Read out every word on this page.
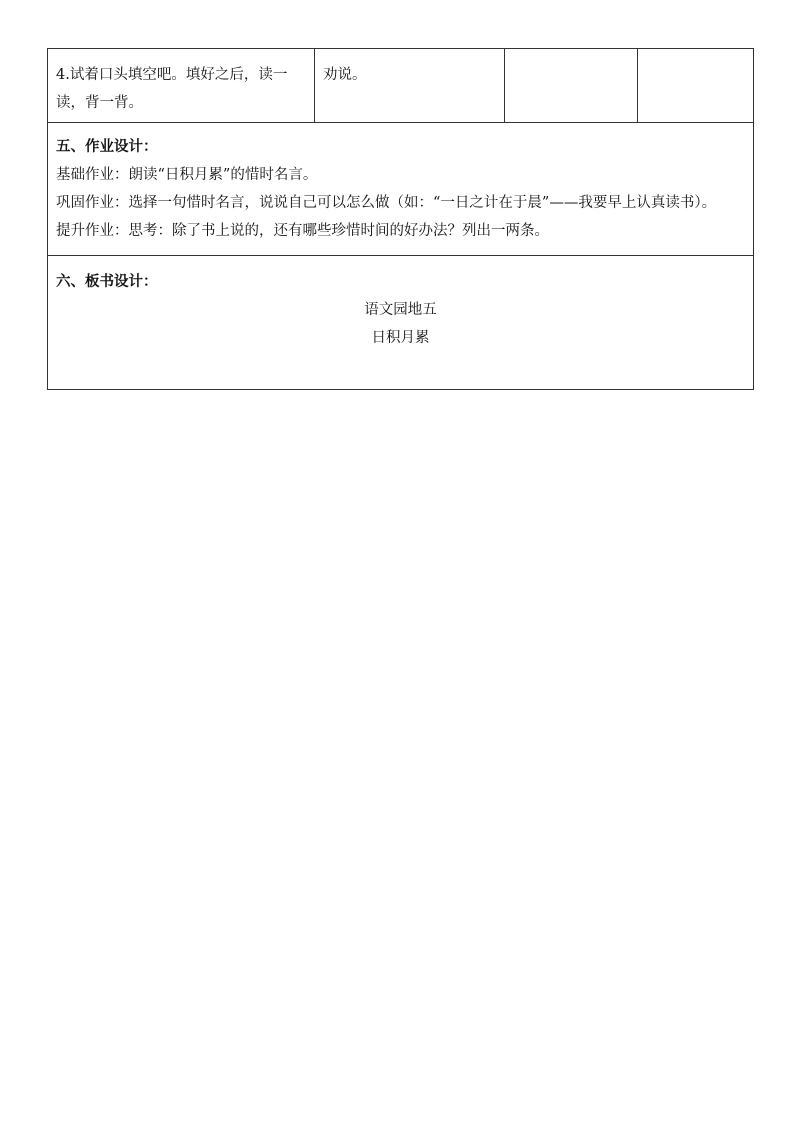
4.试着口头填空吧。填好之后，读一读，背一背。	劝说。		

五、作业设计：
基础作业：朗读“日积月累”的惜时名言。
巩固作业：选择一句惜时名言，说说自己可以怎么做（如：“一日之计在于晨”——我要早上认真读书）。
提升作业：思考：除了书上说的，还有哪些珍惜时间的好办法？列出一两条。

六、板书设计：
语文园地五
日积月累
